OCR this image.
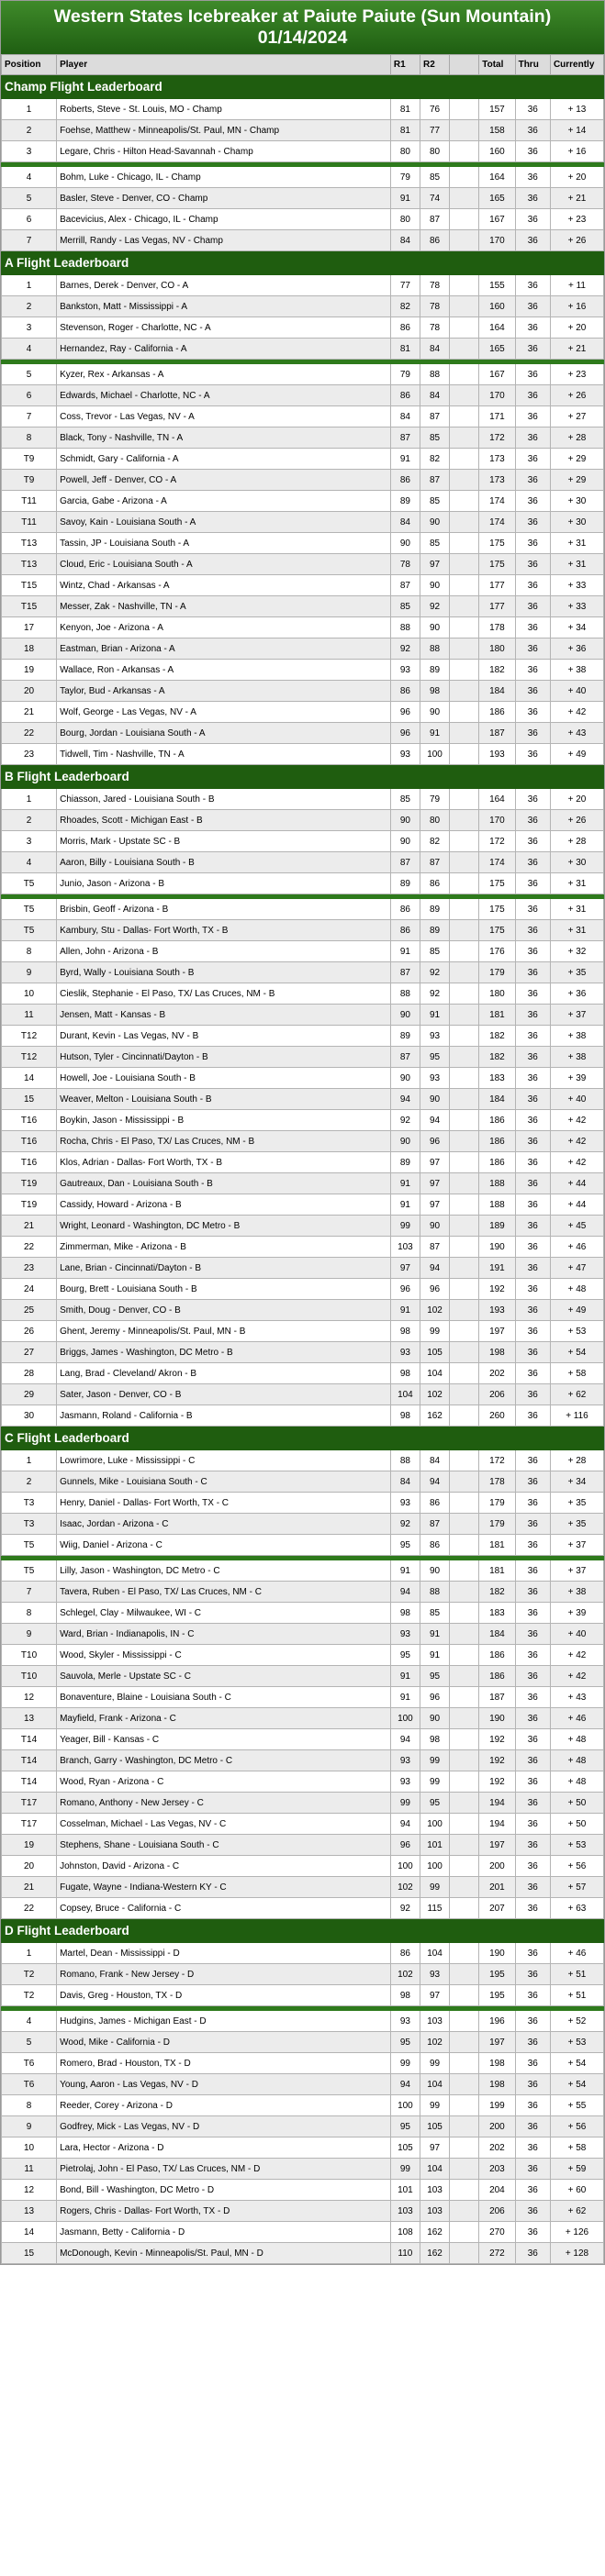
Western States Icebreaker at Paiute Paiute (Sun Mountain)
01/14/2024
Position	Player	R1	R2		Total	Thru	Currently
Champ Flight Leaderboard							
1	Roberts, Steve - St. Louis, MO - Champ	81	76		157	36	+ 13
2	Foehse, Matthew - Minneapolis/St. Paul, MN - Champ	81	77		158	36	+ 14
3	Legare, Chris - Hilton Head-Savannah - Champ	80	80		160	36	+ 16

4	Bohm, Luke - Chicago, IL - Champ	79	85		164	36	+ 20
5	Basler, Steve - Denver, CO - Champ	91	74		165	36	+ 21
6	Bacevicius, Alex - Chicago, IL - Champ	80	87		167	36	+ 23
7	Merrill, Randy - Las Vegas, NV - Champ	84	86		170	36	+ 26
A Flight Leaderboard							
1	Barnes, Derek - Denver, CO - A	77	78		155	36	+ 11
2	Bankston, Matt - Mississippi - A	82	78		160	36	+ 16
3	Stevenson, Roger - Charlotte, NC - A	86	78		164	36	+ 20
4	Hernandez, Ray - California - A	81	84		165	36	+ 21

5	Kyzer, Rex - Arkansas - A	79	88		167	36	+ 23
6	Edwards, Michael - Charlotte, NC - A	86	84		170	36	+ 26
7	Coss, Trevor - Las Vegas, NV - A	84	87		171	36	+ 27
8	Black, Tony - Nashville, TN - A	87	85		172	36	+ 28
T9	Schmidt, Gary - California - A	91	82		173	36	+ 29
T9	Powell, Jeff - Denver, CO - A	86	87		173	36	+ 29
T11	Garcia, Gabe - Arizona - A	89	85		174	36	+ 30
T11	Savoy, Kain - Louisiana South - A	84	90		174	36	+ 30
T13	Tassin, JP - Louisiana South - A	90	85		175	36	+ 31
T13	Cloud, Eric - Louisiana South - A	78	97		175	36	+ 31
T15	Wintz, Chad - Arkansas - A	87	90		177	36	+ 33
T15	Messer, Zak - Nashville, TN - A	85	92		177	36	+ 33
17	Kenyon, Joe - Arizona - A	88	90		178	36	+ 34
18	Eastman, Brian - Arizona - A	92	88		180	36	+ 36
19	Wallace, Ron - Arkansas - A	93	89		182	36	+ 38
20	Taylor, Bud - Arkansas - A	86	98		184	36	+ 40
21	Wolf, George - Las Vegas, NV - A	96	90		186	36	+ 42
22	Bourg, Jordan - Louisiana South - A	96	91		187	36	+ 43
23	Tidwell, Tim - Nashville, TN - A	93	100		193	36	+ 49
B Flight Leaderboard							
1	Chiasson, Jared - Louisiana South - B	85	79		164	36	+ 20
2	Rhoades, Scott - Michigan East - B	90	80		170	36	+ 26
3	Morris, Mark - Upstate SC - B	90	82		172	36	+ 28
4	Aaron, Billy - Louisiana South - B	87	87		174	36	+ 30
T5	Junio, Jason - Arizona - B	89	86		175	36	+ 31

T5	Brisbin, Geoff - Arizona - B	86	89		175	36	+ 31
T5	Kambury, Stu - Dallas- Fort Worth, TX - B	86	89		175	36	+ 31
8	Allen, John - Arizona - B	91	85		176	36	+ 32
9	Byrd, Wally - Louisiana South - B	87	92		179	36	+ 35
10	Cieslik, Stephanie - El Paso, TX/ Las Cruces, NM - B	88	92		180	36	+ 36
11	Jensen, Matt - Kansas - B	90	91		181	36	+ 37
T12	Durant, Kevin - Las Vegas, NV - B	89	93		182	36	+ 38
T12	Hutson, Tyler - Cincinnati/Dayton - B	87	95		182	36	+ 38
14	Howell, Joe - Louisiana South - B	90	93		183	36	+ 39
15	Weaver, Melton - Louisiana South - B	94	90		184	36	+ 40
T16	Boykin, Jason - Mississippi - B	92	94		186	36	+ 42
T16	Rocha, Chris - El Paso, TX/ Las Cruces, NM - B	90	96		186	36	+ 42
T16	Klos, Adrian - Dallas- Fort Worth, TX - B	89	97		186	36	+ 42
T19	Gautreaux, Dan - Louisiana South - B	91	97		188	36	+ 44
T19	Cassidy, Howard - Arizona - B	91	97		188	36	+ 44
21	Wright, Leonard - Washington, DC Metro - B	99	90		189	36	+ 45
22	Zimmerman, Mike - Arizona - B	103	87		190	36	+ 46
23	Lane, Brian - Cincinnati/Dayton - B	97	94		191	36	+ 47
24	Bourg, Brett - Louisiana South - B	96	96		192	36	+ 48
25	Smith, Doug - Denver, CO - B	91	102		193	36	+ 49
26	Ghent, Jeremy - Minneapolis/St. Paul, MN - B	98	99		197	36	+ 53
27	Briggs, James - Washington, DC Metro - B	93	105		198	36	+ 54
28	Lang, Brad - Cleveland/ Akron - B	98	104		202	36	+ 58
29	Sater, Jason - Denver, CO - B	104	102		206	36	+ 62
30	Jasmann, Roland - California - B	98	162		260	36	+ 116
C Flight Leaderboard							
1	Lowrimore, Luke - Mississippi - C	88	84		172	36	+ 28
2	Gunnels, Mike - Louisiana South - C	84	94		178	36	+ 34
T3	Henry, Daniel - Dallas- Fort Worth, TX - C	93	86		179	36	+ 35
T3	Isaac, Jordan - Arizona - C	92	87		179	36	+ 35
T5	Wiig, Daniel - Arizona - C	95	86		181	36	+ 37

T5	Lilly, Jason - Washington, DC Metro - C	91	90		181	36	+ 37
7	Tavera, Ruben - El Paso, TX/ Las Cruces, NM - C	94	88		182	36	+ 38
8	Schlegel, Clay - Milwaukee, WI - C	98	85		183	36	+ 39
9	Ward, Brian - Indianapolis, IN - C	93	91		184	36	+ 40
T10	Wood, Skyler - Mississippi - C	95	91		186	36	+ 42
T10	Sauvola, Merle - Upstate SC - C	91	95		186	36	+ 42
12	Bonaventure, Blaine - Louisiana South - C	91	96		187	36	+ 43
13	Mayfield, Frank - Arizona - C	100	90		190	36	+ 46
T14	Yeager, Bill - Kansas - C	94	98		192	36	+ 48
T14	Branch, Garry - Washington, DC Metro - C	93	99		192	36	+ 48
T14	Wood, Ryan - Arizona - C	93	99		192	36	+ 48
T17	Romano, Anthony - New Jersey - C	99	95		194	36	+ 50
T17	Cosselman, Michael - Las Vegas, NV - C	94	100		194	36	+ 50
19	Stephens, Shane - Louisiana South - C	96	101		197	36	+ 53
20	Johnston, David - Arizona - C	100	100		200	36	+ 56
21	Fugate, Wayne - Indiana-Western KY - C	102	99		201	36	+ 57
22	Copsey, Bruce - California - C	92	115		207	36	+ 63
D Flight Leaderboard							
1	Martel, Dean - Mississippi - D	86	104		190	36	+ 46
T2	Romano, Frank - New Jersey - D	102	93		195	36	+ 51
T2	Davis, Greg - Houston, TX - D	98	97		195	36	+ 51

4	Hudgins, James - Michigan East - D	93	103		196	36	+ 52
5	Wood, Mike - California - D	95	102		197	36	+ 53
T6	Romero, Brad - Houston, TX - D	99	99		198	36	+ 54
T6	Young, Aaron - Las Vegas, NV - D	94	104		198	36	+ 54
8	Reeder, Corey - Arizona - D	100	99		199	36	+ 55
9	Godfrey, Mick - Las Vegas, NV - D	95	105		200	36	+ 56
10	Lara, Hector - Arizona - D	105	97		202	36	+ 58
11	Pietrolaj, John - El Paso, TX/ Las Cruces, NM - D	99	104		203	36	+ 59
12	Bond, Bill - Washington, DC Metro - D	101	103		204	36	+ 60
13	Rogers, Chris - Dallas- Fort Worth, TX - D	103	103		206	36	+ 62
14	Jasmann, Betty - California - D	108	162		270	36	+ 126
15	McDonough, Kevin - Minneapolis/St. Paul, MN - D	110	162		272	36	+ 128
